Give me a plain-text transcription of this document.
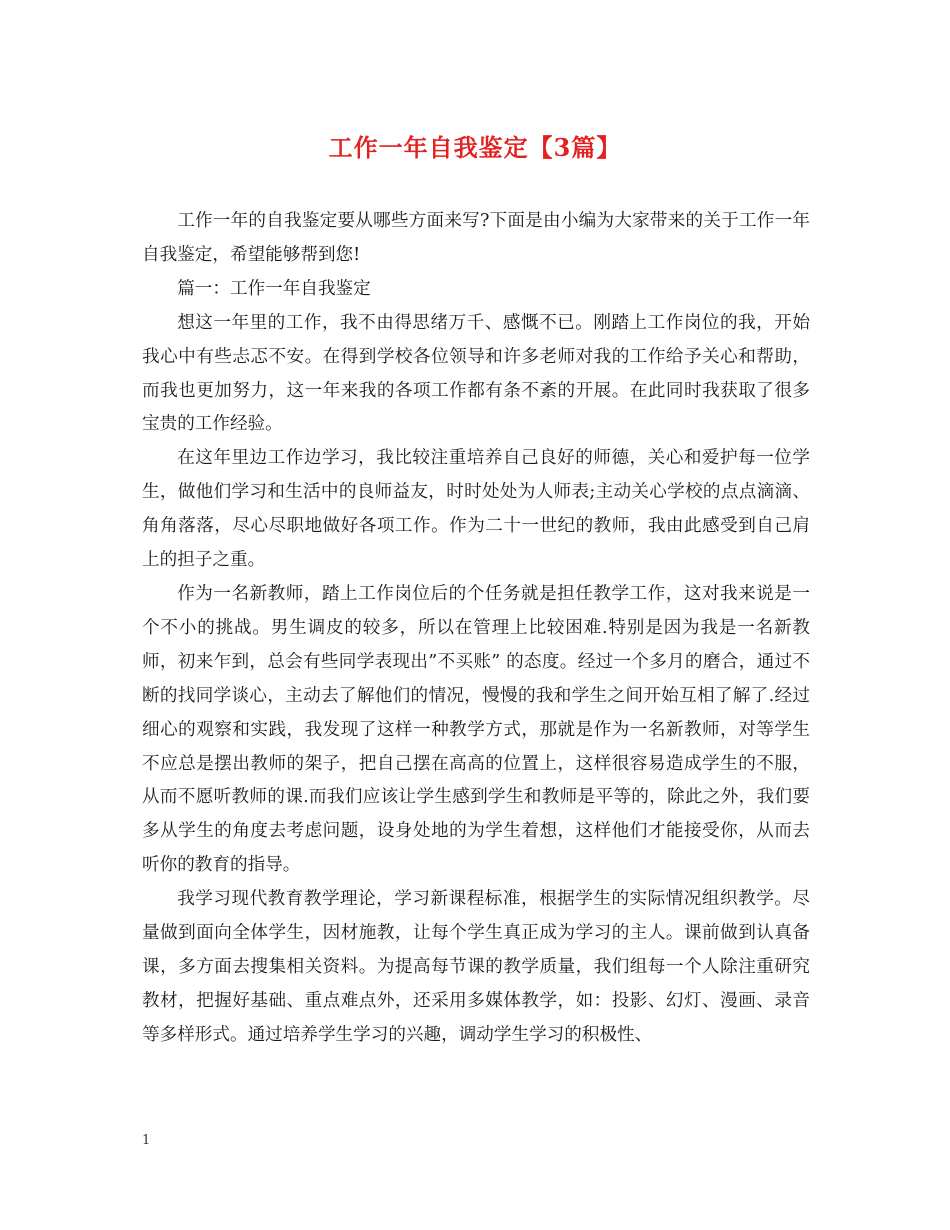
工作一年自我鉴定【3篇】

工作一年的自我鉴定要从哪些方面来写?下面是由小编为大家带来的关于工作一年自我鉴定，希望能够帮到您!

篇一：工作一年自我鉴定

想这一年里的工作，我不由得思绪万千、感慨不已。刚踏上工作岗位的我，开始我心中有些忐忑不安。在得到学校各位领导和许多老师对我的工作给予关心和帮助，而我也更加努力，这一年来我的各项工作都有条不紊的开展。在此同时我获取了很多宝贵的工作经验。

在这年里边工作边学习，我比较注重培养自己良好的师德，关心和爱护每一位学生，做他们学习和生活中的良师益友，时时处处为人师表;主动关心学校的点点滴滴、角角落落，尽心尽职地做好各项工作。作为二十一世纪的教师，我由此感受到自己肩上的担子之重。

作为一名新教师，踏上工作岗位后的个任务就是担任教学工作，这对我来说是一个不小的挑战。男生调皮的较多，所以在管理上比较困难.特别是因为我是一名新教师，初来乍到，总会有些同学表现出”不买账” 的态度。经过一个多月的磨合，通过不断的找同学谈心，主动去了解他们的情况，慢慢的我和学生之间开始互相了解了.经过细心的观察和实践，我发现了这样一种教学方式，那就是作为一名新教师，对等学生不应总是摆出教师的架子，把自己摆在高高的位置上，这样很容易造成学生的不服，从而不愿听教师的课.而我们应该让学生感到学生和教师是平等的，除此之外，我们要多从学生的角度去考虑问题，设身处地的为学生着想，这样他们才能接受你，从而去听你的教育的指导。

我学习现代教育教学理论，学习新课程标准，根据学生的实际情况组织教学。尽量做到面向全体学生，因材施教，让每个学生真正成为学习的主人。课前做到认真备课，多方面去搜集相关资料。为提高每节课的教学质量，我们组每一个人除注重研究教材，把握好基础、重点难点外，还采用多媒体教学，如：投影、幻灯、漫画、录音等多样形式。通过培养学生学习的兴趣，调动学生学习的积极性、

1
